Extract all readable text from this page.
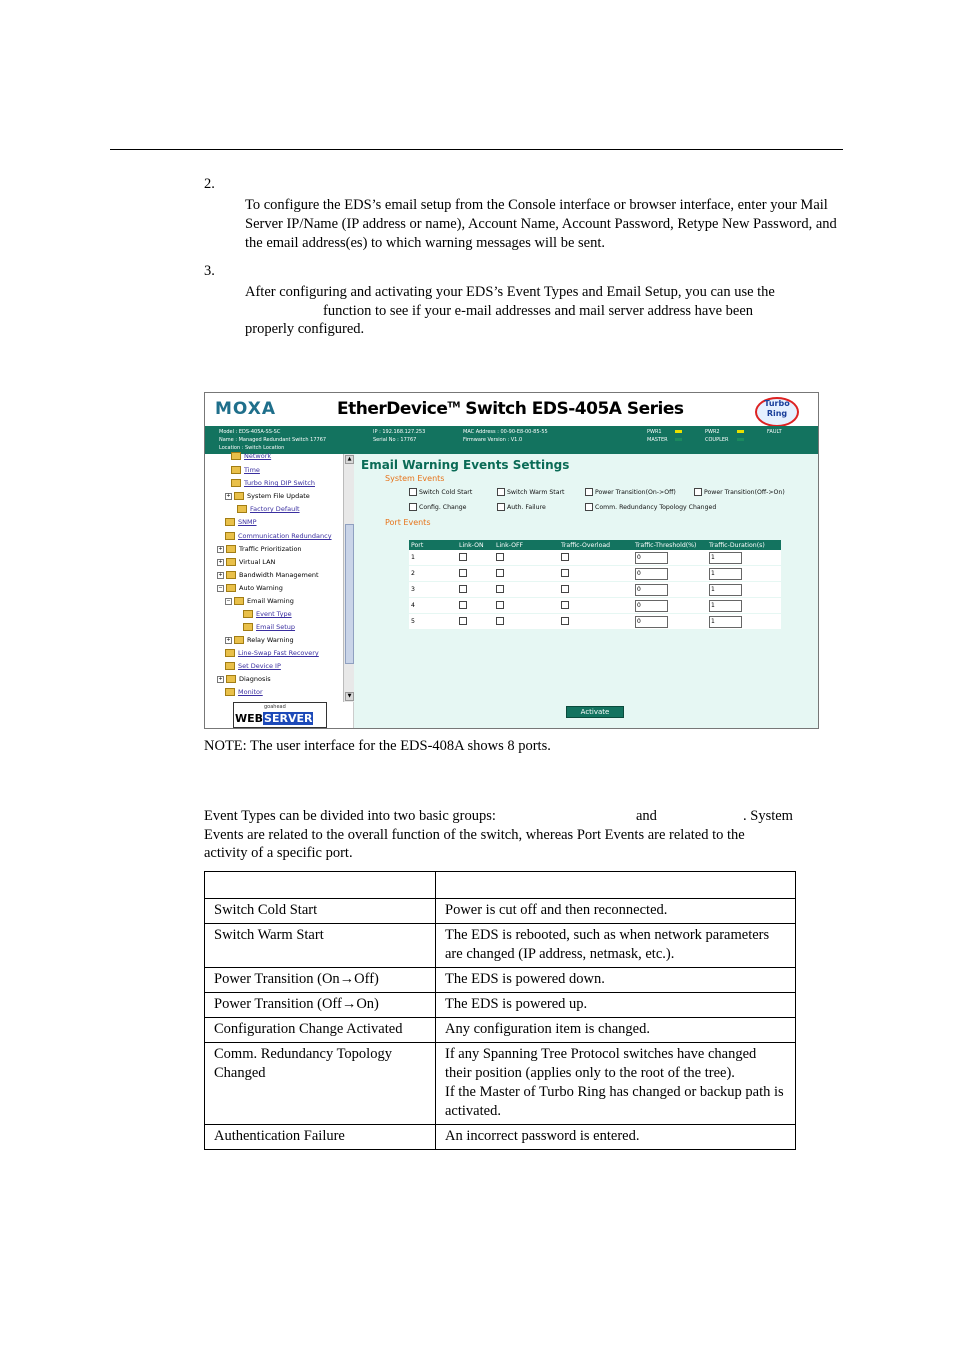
2.
To configure the EDS’s email setup from the Console interface or browser interface, enter your Mail Server IP/Name (IP address or name), Account Name, Account Password, Retype New Password, and the email address(es) to which warning messages will be sent.
3.
After configuring and activating your EDS’s Event Types and Email Setup, you can use the
function to see if your e-mail addresses and mail server address have been
properly configured.
MOXA	EtherDevice™ Switch EDS-405A Series	Turbo Ring
Model : EDS-405A-SS-SC
Name : Managed Redundant Switch 17767
Location : Switch Location
IP : 192.168.127.253
Serial No : 17767
MAC Address : 00-90-E8-00-85-55
Firmware Version : V1.0
PWR1	PWR2	FAULT
MASTER	COUPLER
Network
Time
Turbo Ring DIP Switch
+	System File Update
Factory Default
SNMP
Communication Redundancy
+	Traffic Prioritization
+	Virtual LAN
+	Bandwidth Management
−	Auto Warning
−	Email Warning
Event Type
Email Setup
+	Relay Warning
Line-Swap Fast Recovery
Set Device IP
+	Diagnosis
Monitor
▲
▼
goahead
WEBSERVER
Email Warning Events Settings
System Events
Switch Cold Start	Switch Warm Start	Power Transition(On->Off)	Power Transition(Off->On)
Config. Change	Auth. Failure	Comm. Redundancy Topology Changed
Port Events
Port	Link-ON	Link-OFF	Traffic-Overload	Traffic-Threshold(%)	Traffic-Duration(s)
1				0	1
2				0	1
3				0	1
4				0	1
5				0	1
Activate
NOTE: The user interface for the EDS-408A shows 8 ports.
Event Types can be divided into two basic groups:	and	. System
Events are related to the overall function of the switch, whereas Port Events are related to the
activity of a specific port.

Switch Cold Start	Power is cut off and then reconnected.
Switch Warm Start	The EDS is rebooted, such as when network parameters are changed (IP address, netmask, etc.).
Power Transition (On→Off)	The EDS is powered down.
Power Transition (Off→On)	The EDS is powered up.
Configuration Change Activated	Any configuration item is changed.
Comm. Redundancy Topology Changed	If any Spanning Tree Protocol switches have changed their position (applies only to the root of the tree).
If the Master of Turbo Ring has changed or backup path is activated.

Authentication Failure	An incorrect password is entered.
